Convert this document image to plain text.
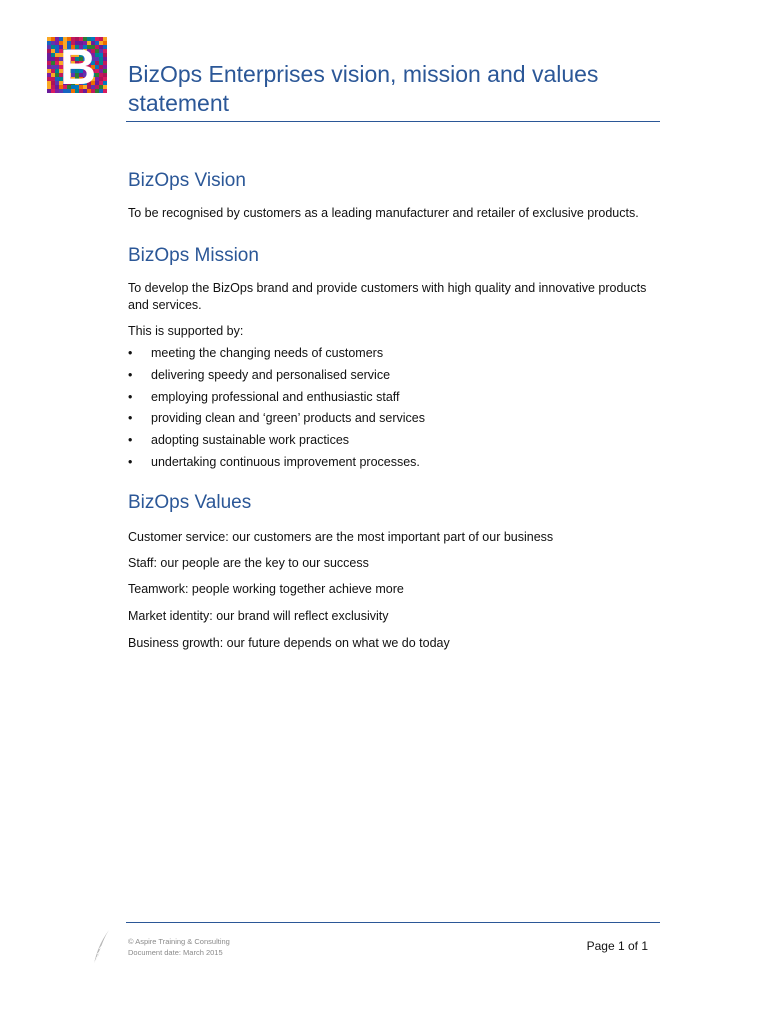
B BizOps Enterprises vision, mission and values statement
BizOps Vision

To be recognised by customers as a leading manufacturer and retailer of exclusive products.

BizOps Mission

To develop the BizOps brand and provide customers with high quality and innovative products and services.

This is supported by:

• meeting the changing needs of customers
• delivering speedy and personalised service
• employing professional and enthusiastic staff
• providing clean and ‘green’ products and services
• adopting sustainable work practices
• undertaking continuous improvement processes.
BizOps Values

Customer service: our customers are the most important part of our business

Staff: our people are the key to our success

Teamwork: people working together achieve more

Market identity: our brand will reflect exclusivity

Business growth: our future depends on what we do today

© Aspire Training & Consulting
Document date: March 2015	Page 1 of 1
